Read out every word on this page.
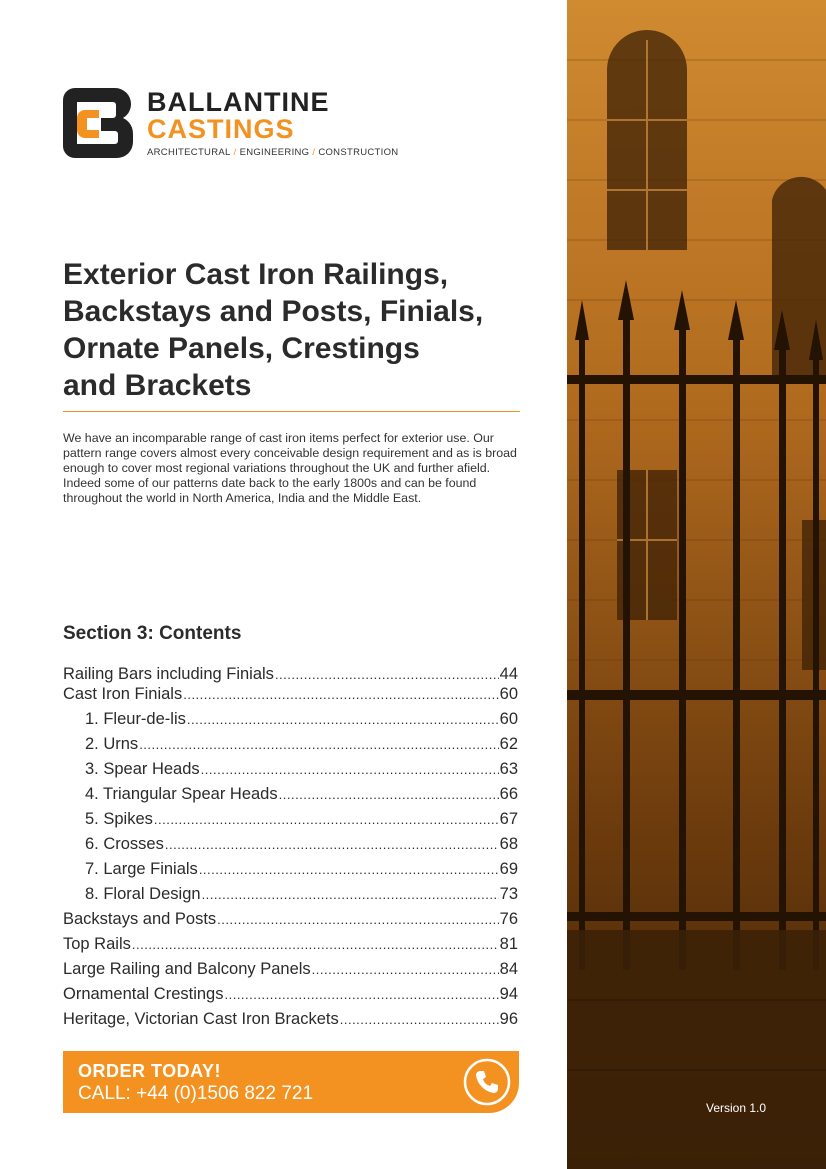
BALLANTINE
CASTINGS
ARCHITECTURAL / ENGINEERING / CONSTRUCTION
Exterior Cast Iron Railings,
Backstays and Posts, Finials,
Ornate Panels, Crestings
and Brackets

We have an incomparable range of cast iron items perfect for exterior use. Our pattern range covers almost every conceivable design requirement and as is broad enough to cover most regional variations throughout the UK and further afield. Indeed some of our patterns date back to the early 1800s and can be found throughout the world in North America, India and the Middle East.

Section 3: Contents
Railing Bars including Finials .....	44
Cast Iron Finials .....	60
1. Fleur-de-lis .....	60
2. Urns .....	62
3. Spear Heads .....	63
4. Triangular Spear Heads .....	66
5. Spikes .....	67
6. Crosses .....	68
7. Large Finials .....	69
8. Floral Design .....	73
Backstays and Posts .....	76
Top Rails .....	81
Large Railing and Balcony Panels .....	84
Ornamental Crestings .....	94
Heritage, Victorian Cast Iron Brackets .....	96
ORDER TODAY!
CALL: +44 (0)1506 822 721
Version 1.0
